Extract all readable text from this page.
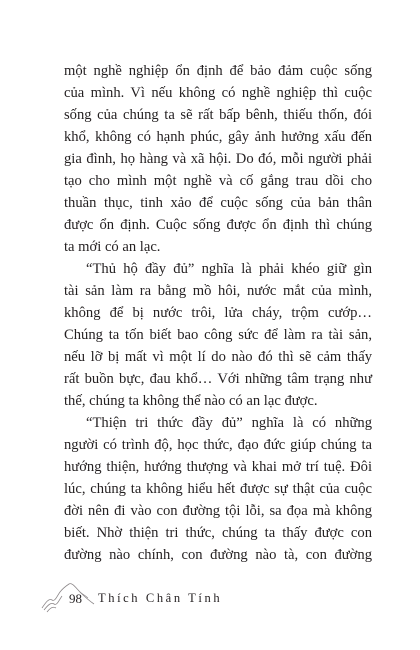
một nghề nghiệp ổn định để bảo đảm cuộc sống
của mình. Vì nếu không có nghề nghiệp thì cuộc
sống của chúng ta sẽ rất bấp bênh, thiếu thốn, đói
khổ, không có hạnh phúc, gây ảnh hưởng xấu đến
gia đình, họ hàng và xã hội. Do đó, mỗi người phải
tạo cho mình một nghề và cố gắng trau dồi cho
thuần thục, tinh xảo để cuộc sống của bản thân
được ổn định. Cuộc sống được ổn định thì chúng
ta mới có an lạc.
“Thủ hộ đầy đủ” nghĩa là phải khéo giữ gìn
tài sản làm ra bằng mồ hôi, nước mắt của mình,
không để bị nước trôi, lửa cháy, trộm cướp…
Chúng ta tốn biết bao công sức để làm ra tài sản,
nếu lỡ bị mất vì một lí do nào đó thì sẽ cảm thấy
rất buồn bực, đau khổ… Với những tâm trạng như
thế, chúng ta không thể nào có an lạc được.
“Thiện tri thức đầy đủ” nghĩa là có những
người có trình độ, học thức, đạo đức giúp chúng ta
hướng thiện, hướng thượng và khai mở trí tuệ. Đôi
lúc, chúng ta không hiểu hết được sự thật của cuộc
đời nên đi vào con đường tội lỗi, sa đọa mà không
biết. Nhờ thiện tri thức, chúng ta thấy được con
đường nào chính, con đường nào tà, con đường
98 Thích Chân Tính
